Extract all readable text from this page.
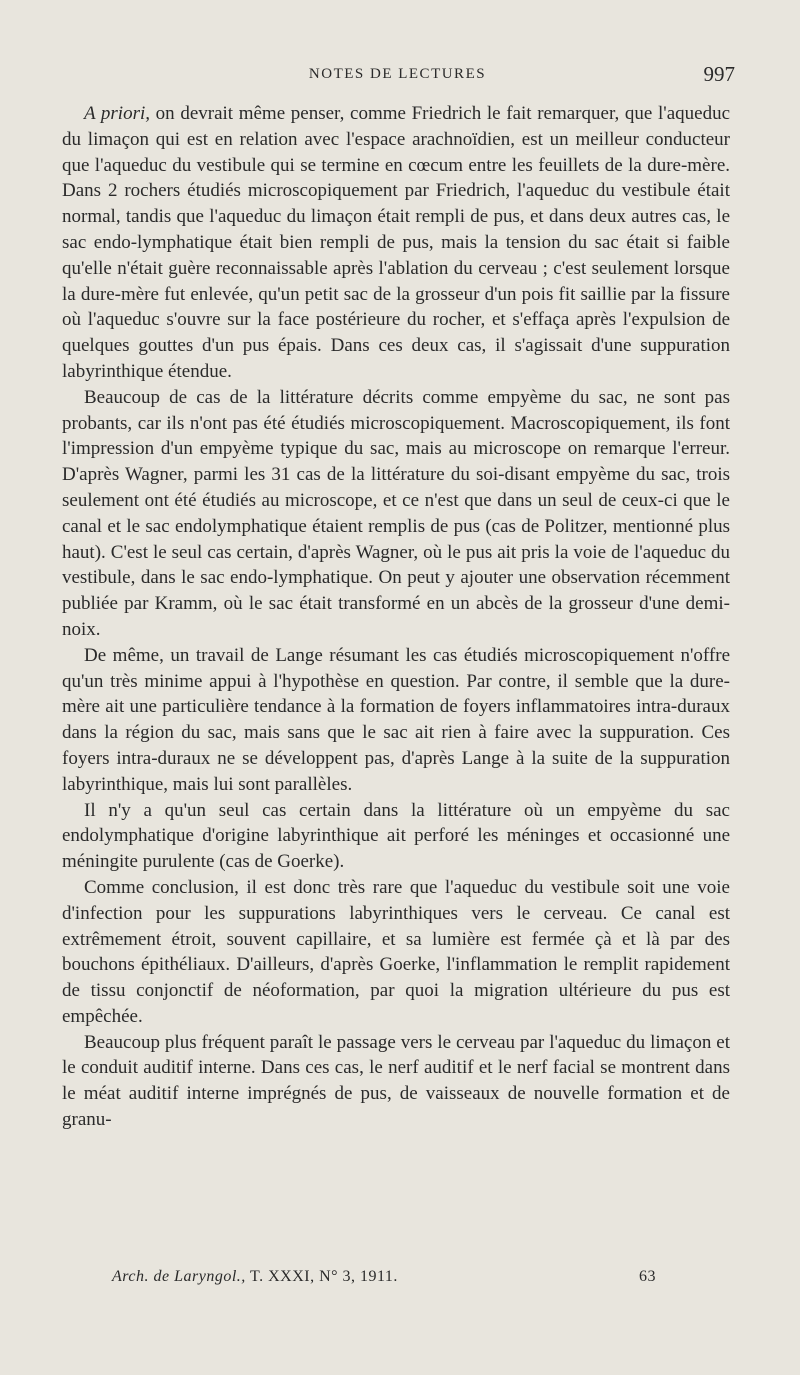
NOTES DE LECTURES	997

A priori, on devrait même penser, comme Friedrich le fait remarquer, que l'aqueduc du limaçon qui est en relation avec l'espace arachnoïdien, est un meilleur conducteur que l'aqueduc du vestibule qui se termine en cœcum entre les feuillets de la dure-mère. Dans 2 rochers étudiés microscopiquement par Friedrich, l'aqueduc du vestibule était normal, tandis que l'aqueduc du limaçon était rempli de pus, et dans deux autres cas, le sac endo-lymphatique était bien rempli de pus, mais la tension du sac était si faible qu'elle n'était guère reconnaissable après l'ablation du cerveau ; c'est seulement lorsque la dure-mère fut enlevée, qu'un petit sac de la grosseur d'un pois fit saillie par la fissure où l'aqueduc s'ouvre sur la face postérieure du rocher, et s'effaça après l'expulsion de quelques gouttes d'un pus épais. Dans ces deux cas, il s'agissait d'une suppuration labyrinthique étendue.

Beaucoup de cas de la littérature décrits comme empyème du sac, ne sont pas probants, car ils n'ont pas été étudiés microscopiquement. Macroscopiquement, ils font l'impression d'un empyème typique du sac, mais au microscope on remarque l'erreur. D'après Wagner, parmi les 31 cas de la littérature du soi-disant empyème du sac, trois seulement ont été étudiés au microscope, et ce n'est que dans un seul de ceux-ci que le canal et le sac endolymphatique étaient remplis de pus (cas de Politzer, mentionné plus haut). C'est le seul cas certain, d'après Wagner, où le pus ait pris la voie de l'aqueduc du vestibule, dans le sac endo-lymphatique. On peut y ajouter une observation récemment publiée par Kramm, où le sac était transformé en un abcès de la grosseur d'une demi-noix.

De même, un travail de Lange résumant les cas étudiés microscopiquement n'offre qu'un très minime appui à l'hypothèse en question. Par contre, il semble que la dure-mère ait une particulière tendance à la formation de foyers inflammatoires intra-duraux dans la région du sac, mais sans que le sac ait rien à faire avec la suppuration. Ces foyers intra-duraux ne se développent pas, d'après Lange à la suite de la suppuration labyrinthique, mais lui sont parallèles.

Il n'y a qu'un seul cas certain dans la littérature où un empyème du sac endolymphatique d'origine labyrinthique ait perforé les méninges et occasionné une méningite purulente (cas de Goerke).

Comme conclusion, il est donc très rare que l'aqueduc du vestibule soit une voie d'infection pour les suppurations labyrinthiques vers le cerveau. Ce canal est extrêmement étroit, souvent capillaire, et sa lumière est fermée çà et là par des bouchons épithéliaux. D'ailleurs, d'après Goerke, l'inflammation le remplit rapidement de tissu conjonctif de néoformation, par quoi la migration ultérieure du pus est empêchée.

Beaucoup plus fréquent paraît le passage vers le cerveau par l'aqueduc du limaçon et le conduit auditif interne. Dans ces cas, le nerf auditif et le nerf facial se montrent dans le méat auditif interne imprégnés de pus, de vaisseaux de nouvelle formation et de granu-

Arch. de Laryngol., T. XXXI, N° 3, 1911.	63
